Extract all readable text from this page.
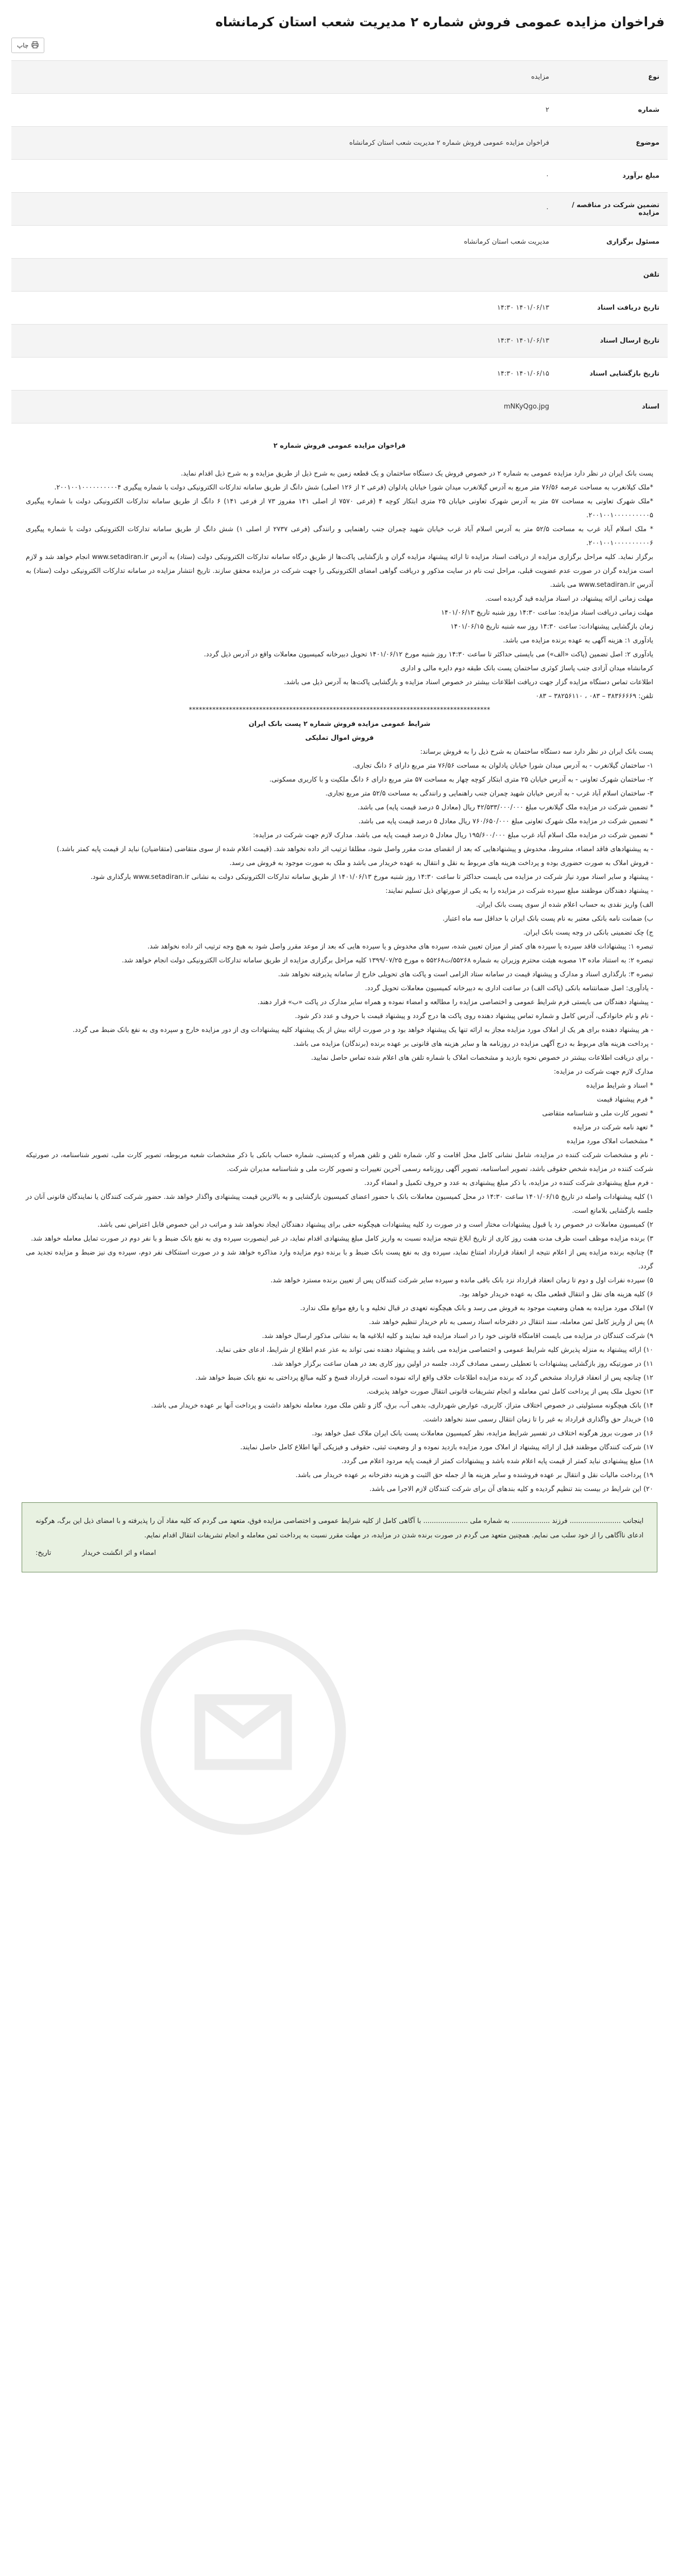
فراخوان مزایده عمومی فروش شماره ۲ مدیریت شعب استان کرمانشاه
چاپ
نوع	مزایده
شماره	۲
موضوع	فراخوان مزایده عمومی فروش شماره ۲ مدیریت شعب استان کرمانشاه
مبلغ برآورد	۰
تضمین شرکت در مناقصه / مزایده	۰
مسئول برگزاری	مدیریت شعب استان کرمانشاه
تلفن	
تاریخ دریافت اسناد	۱۴۰۱/۰۶/۱۳ ۱۴:۳۰
تاریخ ارسال اسناد	۱۴۰۱/۰۶/۱۳ ۱۴:۳۰
تاریخ بازگشایی اسناد	۱۴۰۱/۰۶/۱۵ ۱۴:۳۰
اسناد	mNKyQgo.jpg

فراخوان مزایده عمومی فروش شماره ۲

پست بانک ایران در نظر دارد مزایده عمومی به شماره ۲ در خصوص فروش یک دستگاه ساختمان و یک قطعه زمین به شرح ذیل از طریق مزایده و به شرح ذیل اقدام نماید.

*ملک کیلانغرب به مساحت عرصه ۷۶/۵۶ متر مربع به آدرس گیلانغرب میدان شورا خیابان پادلوان (فرعی ۲ از ۱۲۶ اصلی) شش دانگ از طریق سامانه تدارکات الکترونیکی دولت با شماره پیگیری ۲۰۰۱۰۰۱۰۰۰۰۰۰۰۰۰۰۴.

*ملک شهرک تعاونی به مساحت ۵۷ متر به آدرس شهرک تعاونی خیابان ۲۵ متری ابتکار کوچه ۴ (فرعی ۷۵۷۰ از اصلی ۱۴۱ مفروز ۷۳ از فرعی ۱۴۱) ۶ دانگ از طریق سامانه تدارکات الکترونیکی دولت با شماره پیگیری ۲۰۰۱۰۰۱۰۰۰۰۰۰۰۰۰۰۵.

* ملک اسلام آباد غرب به مساحت ۵۲/۵ متر به آدرس اسلام آباد غرب خیابان شهید چمران جنب راهنمایی و رانندگی (فرعی ۲۷۳۷ از اصلی ۱) شش دانگ از طریق سامانه تدارکات الکترونیکی دولت با شماره پیگیری ۲۰۰۱۰۰۱۰۰۰۰۰۰۰۰۰۰۶.

برگزار نماید. کلیه مراحل برگزاری مزایده از دریافت اسناد مزایده تا ارائه پیشنهاد مزایده گران و بازگشایی پاکت‌ها از طریق درگاه سامانه تدارکات الکترونیکی دولت (ستاد) به آدرس www.setadiran.ir انجام خواهد شد و لازم است مزایده گران در صورت عدم عضویت قبلی، مراحل ثبت نام در سایت مذکور و دریافت گواهی امضای الکترونیکی را جهت شرکت در مزایده محقق سازند. تاریخ انتشار مزایده در سامانه تدارکات الکترونیکی دولت (ستاد) به آدرس www.setadiran.ir می باشد.

مهلت زمانی ارائه پیشنهاد، در اسناد مزایده قید گردیده است.

مهلت زمانی دریافت اسناد مزایده: ساعت ۱۴:۳۰ روز شنبه تاریخ ۱۴۰۱/۰۶/۱۳

زمان بازگشایی پیشنهادات: ساعت ۱۴:۳۰ روز سه شنبه تاریخ ۱۴۰۱/۰۶/۱۵

یادآوری ۱: هزینه آگهی به عهده برنده مزایده می باشد.

یادآوری ۲: اصل تضمین (پاکت «الف») می بایستی حداکثر تا ساعت ۱۴:۳۰ روز شنبه مورخ ۱۴۰۱/۰۶/۱۲ تحویل دبیرخانه کمیسیون معاملات واقع در آدرس ذیل گردد.

کرمانشاه میدان آزادی جنب پاساژ کوثری ساختمان پست بانک طبقه دوم دایره مالی و اداری

اطلاعات تماس دستگاه مزایده گزار جهت دریافت اطلاعات بیشتر در خصوص اسناد مزایده و بازگشایی پاکت‌ها به آدرس ذیل می باشد.

تلفن: ۳۸۳۶۶۶۶۹ – ۰۸۳ ، ۳۸۲۵۶۱۱۰ – ۰۸۳

******************************************************************************************

شرایط عمومی مزایده فروش شماره ۲ پست بانک ایران

فروش اموال تملیکی

پست بانک ایران در نظر دارد سه دستگاه ساختمان به شرح ذیل را به فروش برساند:

۱- ساختمان گیلانغرب - به آدرس میدان شورا خیابان پادلوان به مساحت ۷۶/۵۶ متر مربع دارای ۶ دانگ تجاری.

۲- ساختمان شهرک تعاونی - به آدرس خیابان ۲۵ متری ابتکار کوچه چهار به مساحت ۵۷ متر مربع دارای ۶ دانگ ملکیت و با کاربری مسکونی.

۳- ساختمان اسلام آباد غرب - به آدرس خیابان شهید چمران جنب راهنمایی و رانندگی به مساحت ۵۲/۵ متر مربع تجاری.

* تضمین شرکت در مزایده ملک گیلانغرب مبلغ ۴۲/۵۳۳/۰۰۰/۰۰۰ ریال (معادل ۵ درصد قیمت پایه) می باشد.

* تضمین شرکت در مزایده ملک شهرک تعاونی مبلغ ۷۶۰/۶۵۰/۰۰۰ ریال معادل ۵ درصد قیمت پایه می باشد.

* تضمین شرکت در مزایده ملک اسلام آباد غرب مبلغ ۱۹۵/۶۰۰/۰۰۰ ریال معادل ۵ درصد قیمت پایه می باشد. مدارک لازم جهت شرکت در مزایده:

- به پیشنهادهای فاقد امضاء، مشروط، مخدوش و پیشنهادهایی که بعد از انقضای مدت مقرر واصل شود، مطلقا ترتیب اثر داده نخواهد شد. (قیمت اعلام شده از سوی متقاضی (متقاضیان) نباید از قیمت پایه کمتر باشد.)

- فروش املاک به صورت حضوری بوده و پرداخت هزینه های مربوط به نقل و انتقال به عهده خریدار می باشد و ملک به صورت موجود به فروش می رسد.

- پیشنهاد و سایر اسناد مورد نیاز شرکت در مزایده می بایست حداکثر تا ساعت ۱۴:۳۰ روز شنبه مورخ ۱۴۰۱/۰۶/۱۳ از طریق سامانه تدارکات الکترونیکی دولت به نشانی www.setadiran.ir بارگذاری شود.

- پیشنهاد دهندگان موظفند مبلغ سپرده شرکت در مزایده را به یکی از صورتهای ذیل تسلیم نمایند:

الف) واریز نقدی به حساب اعلام شده از سوی پست بانک ایران.

ب) ضمانت نامه بانکی معتبر به نام پست بانک ایران با حداقل سه ماه اعتبار.

ج) چک تضمینی بانکی در وجه پست بانک ایران.

تبصره ۱: پیشنهادات فاقد سپرده یا سپرده های کمتر از میزان تعیین شده، سپرده های مخدوش و یا سپرده هایی که بعد از موعد مقرر واصل شود به هیچ وجه ترتیب اثر داده نخواهد شد.

تبصره ۲: به استناد ماده ۱۳ مصوبه هیئت محترم وزیران به شماره ۵۵۲۶۸/ت۵۵۲۶۸ ه مورخ ۱۳۹۹/۰۷/۲۵ کلیه مراحل برگزاری مزایده از طریق سامانه تدارکات الکترونیکی دولت انجام خواهد شد.

تبصره ۳: بارگذاری اسناد و مدارک و پیشنهاد قیمت در سامانه ستاد الزامی است و پاکت های تحویلی خارج از سامانه پذیرفته نخواهد شد.

- یادآوری: اصل ضمانتنامه بانکی (پاکت الف) در ساعت اداری به دبیرخانه کمیسیون معاملات تحویل گردد.

- پیشنهاد دهندگان می بایستی فرم شرایط عمومی و اختصاصی مزایده را مطالعه و امضاء نموده و همراه سایر مدارک در پاکت «ب» قرار دهند.

- نام و نام خانوادگی، آدرس کامل و شماره تماس پیشنهاد دهنده روی پاکت ها درج گردد و پیشنهاد قیمت با حروف و عدد ذکر شود.

- هر پیشنهاد دهنده برای هر یک از املاک مورد مزایده مجاز به ارائه تنها یک پیشنهاد خواهد بود و در صورت ارائه بیش از یک پیشنهاد کلیه پیشنهادات وی از دور مزایده خارج و سپرده وی به نفع بانک ضبط می گردد.

- پرداخت هزینه های مربوط به درج آگهی مزایده در روزنامه ها و سایر هزینه های قانونی بر عهده برنده (برندگان) مزایده می باشد.

- برای دریافت اطلاعات بیشتر در خصوص نحوه بازدید و مشخصات املاک با شماره تلفن های اعلام شده تماس حاصل نمایید.

مدارک لازم جهت شرکت در مزایده:

* اسناد و شرایط مزایده

* فرم پیشنهاد قیمت

* تصویر کارت ملی و شناسنامه متقاضی

* تعهد نامه شرکت در مزایده

* مشخصات املاک مورد مزایده

- نام و مشخصات شرکت کننده در مزایده، شامل نشانی کامل محل اقامت و کار، شماره تلفن و تلفن همراه و کدپستی، شماره حساب بانکی با ذکر مشخصات شعبه مربوطه، تصویر کارت ملی، تصویر شناسنامه، در صورتیکه شرکت کننده در مزایده شخص حقوقی باشد، تصویر اساسنامه، تصویر آگهی روزنامه رسمی آخرین تغییرات و تصویر کارت ملی و شناسنامه مدیران شرکت.

- فرم مبلغ پیشنهادی شرکت کننده در مزایده، با ذکر مبلغ پیشنهادی به عدد و حروف تکمیل و امضاء گردد.

۱) کلیه پیشنهادات واصله در تاریخ ۱۴۰۱/۰۶/۱۵ ساعت ۱۴:۳۰ در محل کمیسیون معاملات بانک با حضور اعضای کمیسیون بازگشایی و به بالاترین قیمت پیشنهادی واگذار خواهد شد. حضور شرکت کنندگان یا نمایندگان قانونی آنان در جلسه بازگشایی بلامانع است.

۲) کمیسیون معاملات در خصوص رد یا قبول پیشنهادات مختار است و در صورت رد کلیه پیشنهادات هیچگونه حقی برای پیشنهاد دهندگان ایجاد نخواهد شد و مراتب در این خصوص قابل اعتراض نمی باشد.

۳) برنده مزایده موظف است ظرف مدت هفت روز کاری از تاریخ ابلاغ نتیجه مزایده نسبت به واریز کامل مبلغ پیشنهادی اقدام نماید، در غیر اینصورت سپرده وی به نفع بانک ضبط و با نفر دوم در صورت تمایل معامله خواهد شد.

۴) چنانچه برنده مزایده پس از اعلام نتیجه از انعقاد قرارداد امتناع نماید، سپرده وی به نفع پست بانک ضبط و با برنده دوم مزایده وارد مذاکره خواهد شد و در صورت استنکاف نفر دوم، سپرده وی نیز ضبط و مزایده تجدید می گردد.

۵) سپرده نفرات اول و دوم تا زمان انعقاد قرارداد نزد بانک باقی مانده و سپرده سایر شرکت کنندگان پس از تعیین برنده مسترد خواهد شد.

۶) کلیه هزینه های نقل و انتقال قطعی ملک به عهده خریدار خواهد بود.

۷) املاک مورد مزایده به همان وضعیت موجود به فروش می رسد و بانک هیچگونه تعهدی در قبال تخلیه و یا رفع موانع ملک ندارد.

۸) پس از واریز کامل ثمن معامله، سند انتقال در دفترخانه اسناد رسمی به نام خریدار تنظیم خواهد شد.

۹) شرکت کنندگان در مزایده می بایست اقامتگاه قانونی خود را در اسناد مزایده قید نمایند و کلیه ابلاغیه ها به نشانی مذکور ارسال خواهد شد.

۱۰) ارائه پیشنهاد به منزله پذیرش کلیه شرایط عمومی و اختصاصی مزایده می باشد و پیشنهاد دهنده نمی تواند به عذر عدم اطلاع از شرایط، ادعای حقی نماید.

۱۱) در صورتیکه روز بازگشایی پیشنهادات با تعطیلی رسمی مصادف گردد، جلسه در اولین روز کاری بعد در همان ساعت برگزار خواهد شد.

۱۲) چنانچه پس از انعقاد قرارداد مشخص گردد که برنده مزایده اطلاعات خلاف واقع ارائه نموده است، قرارداد فسخ و کلیه مبالغ پرداختی به نفع بانک ضبط خواهد شد.

۱۳) تحویل ملک پس از پرداخت کامل ثمن معامله و انجام تشریفات قانونی انتقال صورت خواهد پذیرفت.

۱۴) بانک هیچگونه مسئولیتی در خصوص اختلاف متراژ، کاربری، عوارض شهرداری، بدهی آب، برق، گاز و تلفن ملک مورد معامله نخواهد داشت و پرداخت آنها بر عهده خریدار می باشد.

۱۵) خریدار حق واگذاری قرارداد به غیر را تا زمان انتقال رسمی سند نخواهد داشت.

۱۶) در صورت بروز هرگونه اختلاف در تفسیر شرایط مزایده، نظر کمیسیون معاملات پست بانک ایران ملاک عمل خواهد بود.

۱۷) شرکت کنندگان موظفند قبل از ارائه پیشنهاد از املاک مورد مزایده بازدید نموده و از وضعیت ثبتی، حقوقی و فیزیکی آنها اطلاع کامل حاصل نمایند.

۱۸) مبلغ پیشنهادی نباید کمتر از قیمت پایه اعلام شده باشد و پیشنهادات کمتر از قیمت پایه مردود اعلام می گردد.

۱۹) پرداخت مالیات نقل و انتقال بر عهده فروشنده و سایر هزینه ها از جمله حق الثبت و هزینه دفترخانه بر عهده خریدار می باشد.

۲۰) این شرایط در بیست بند تنظیم گردیده و کلیه بندهای آن برای شرکت کنندگان لازم الاجرا می باشد.

اینجانب ........................ فرزند .................. به شماره ملی ..................... با آگاهی کامل از کلیه شرایط عمومی و اختصاصی مزایده فوق، متعهد می گردم که کلیه مفاد آن را پذیرفته و با امضای ذیل این برگ، هرگونه ادعای ناآگاهی را از خود سلب می نمایم. همچنین متعهد می گردم در صورت برنده شدن در مزایده، در مهلت مقرر نسبت به پرداخت ثمن معامله و انجام تشریفات انتقال اقدام نمایم.

امضاء و اثر انگشت خریدار
تاریخ:
